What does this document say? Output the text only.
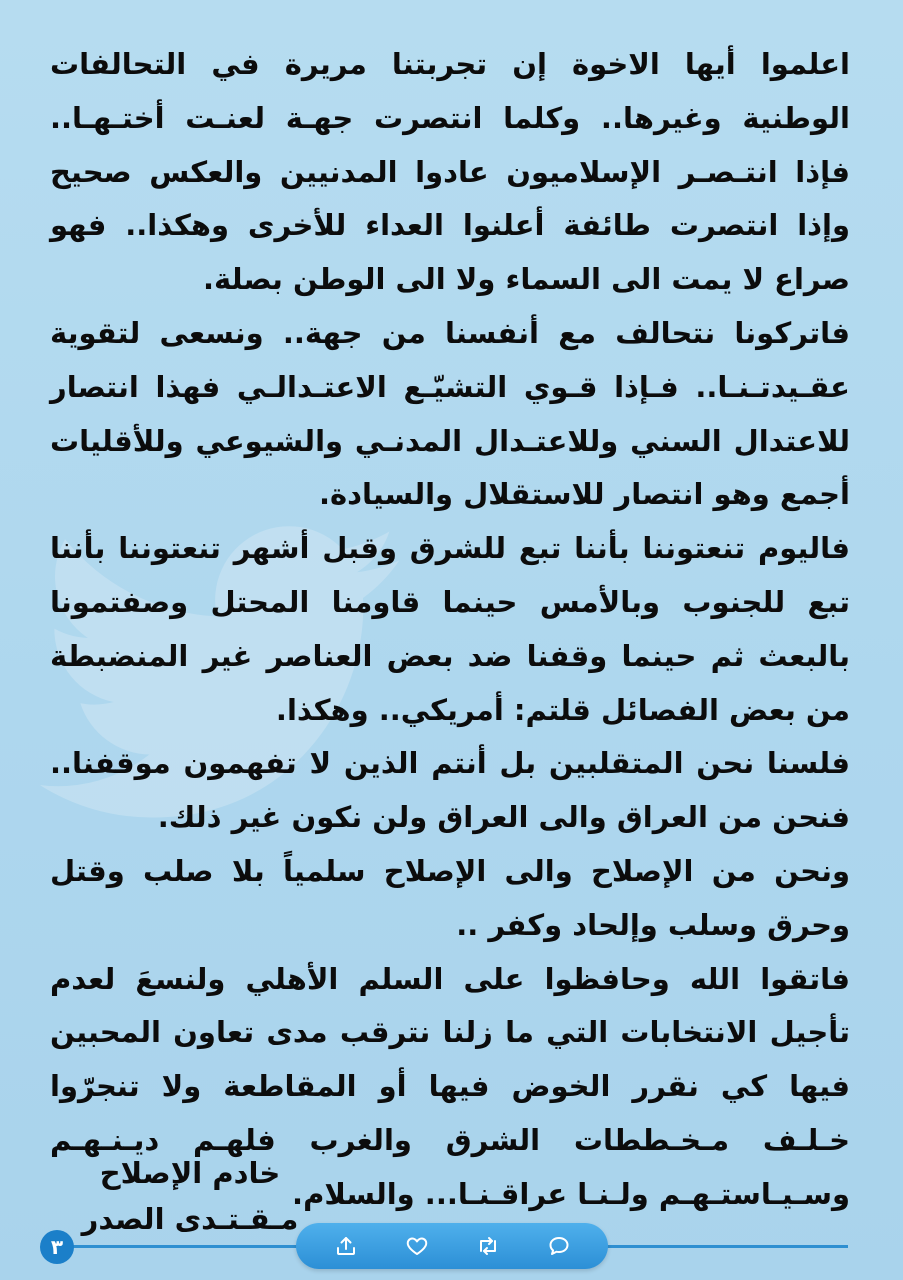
اعلموا أيها الاخوة إن تجربتنا مريرة في التحالفات الوطنية وغيرها.. وكلما انتصرت جهـة لعنـت أختـهـا.. فإذا انتـصـر الإسلاميون عادوا المدنيين والعكس صحيح وإذا انتصرت طائفة أعلنوا العداء للأخرى وهكذا.. فهو صراع لا يمت الى السماء ولا الى الوطن بصلة.

فاتركونا نتحالف مع أنفسنا من جهة.. ونسعى لتقوية عقـيدتـنـا.. فـإذا قـوي التشيّـع الاعتـدالـي فهذا انتصار للاعتدال السني وللاعتـدال المدنـي والشيوعي وللأقليات أجمع وهو انتصار للاستقلال والسيادة.

فاليوم تنعتوننا بأننا تبع للشرق وقبل أشهر تنعتوننا بأننا تبع للجنوب وبالأمس حينما قاومنا المحتل وصفتمونا بالبعث ثم حينما وقفنا ضد بعض العناصر غير المنضبطة من بعض الفصائل قلتم: أمريكي.. وهكذا.

فلسنا نحن المتقلبين بل أنتم الذين لا تفهمون موقفنا.. فنحن من العراق والى العراق ولن نكون غير ذلك.

ونحن من الإصلاح والى الإصلاح سلمياً بلا صلب وقتل وحرق وسلب وإلحاد وكفر ..

فاتقوا الله وحافظوا على السلم الأهلي ولنسعَ لعدم تأجيل الانتخابات التي ما زلنا نترقب مدى تعاون المحبين فيها كي نقرر الخوض فيها أو المقاطعة ولا تنجرّوا خـلـف مـخـططات الشرق والغرب فلهـم ديـنـهـم وسـيـاستـهـم ولـنـا عراقـنـا... والسلام.

خادم الإصلاح
مـقـتـدى الصدر
٣
